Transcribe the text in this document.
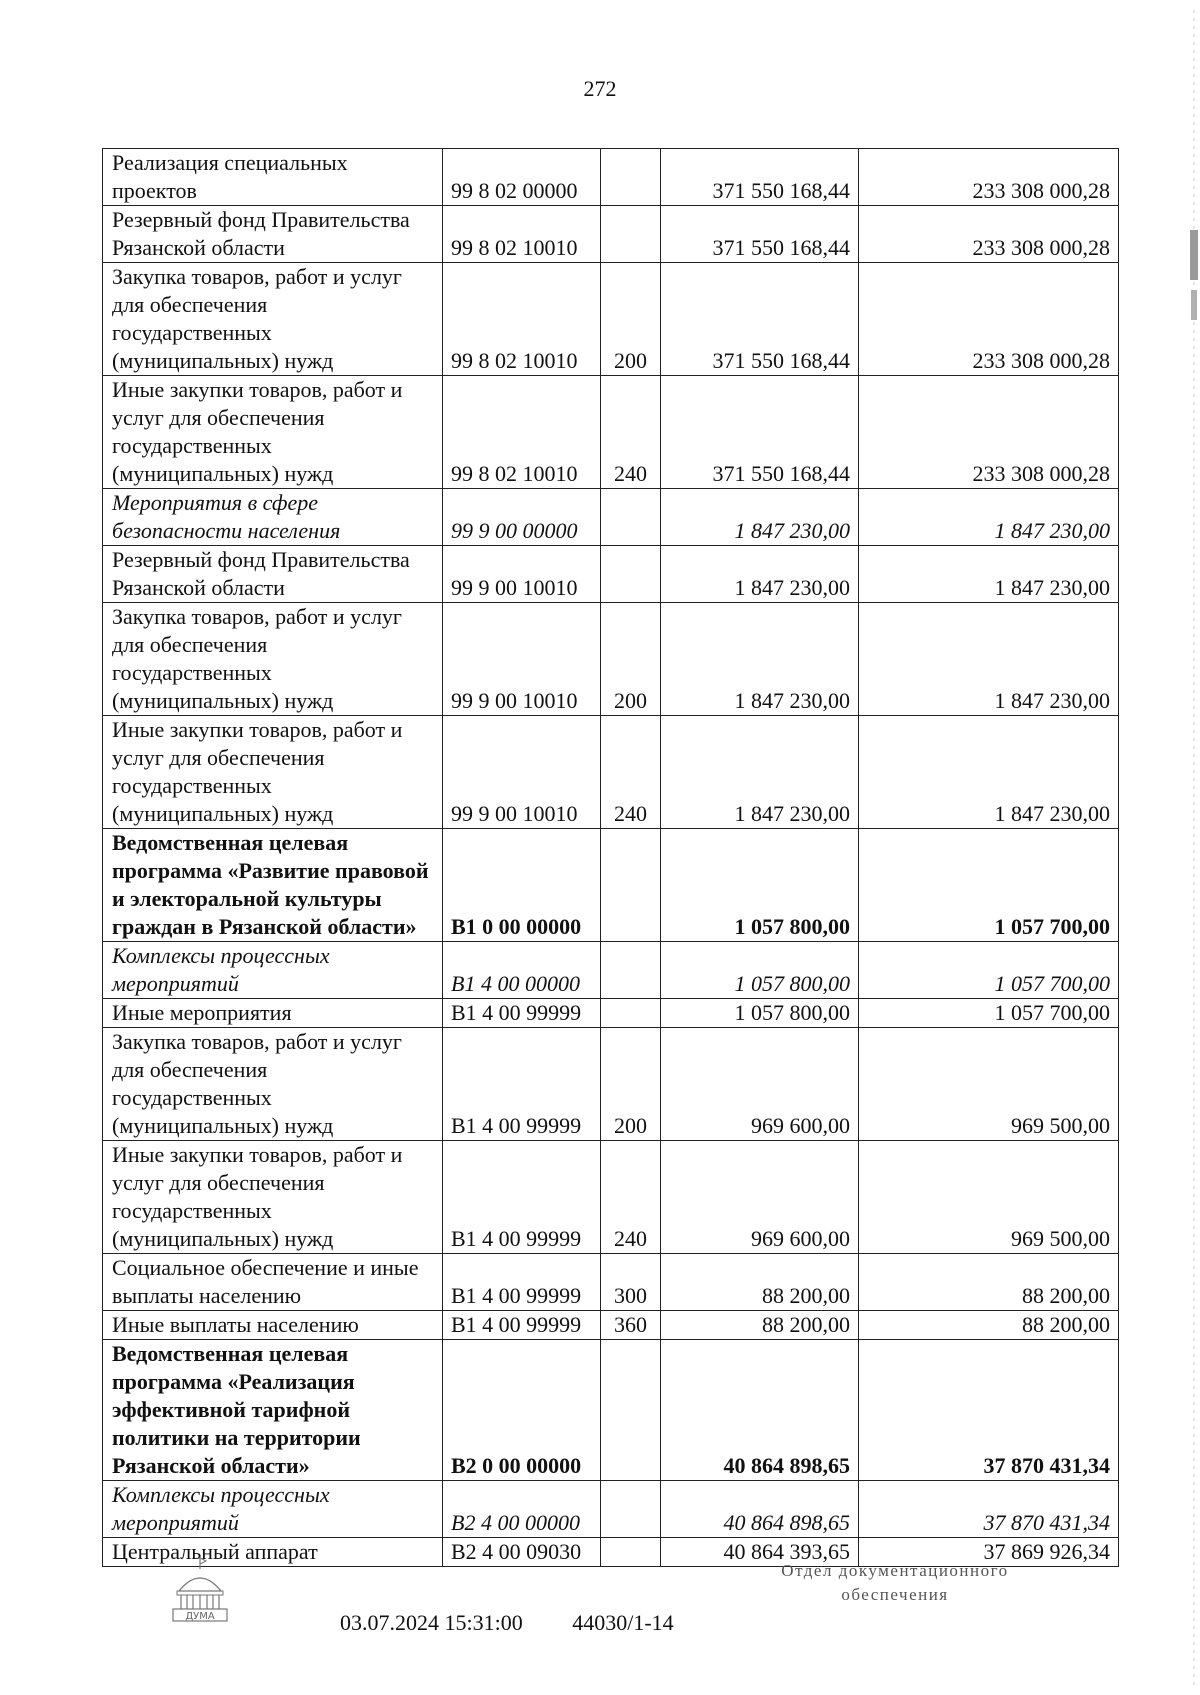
272
Реализация специальных
проектов	99 8 02 00000		371 550 168,44	233 308 000,28

Резервный фонд Правительства
Рязанской области	99 8 02 10010		371 550 168,44	233 308 000,28

Закупка товаров, работ и услуг
для обеспечения
государственных
(муниципальных) нужд	99 8 02 10010	200	371 550 168,44	233 308 000,28

Иные закупки товаров, работ и
услуг для обеспечения
государственных
(муниципальных) нужд	99 8 02 10010	240	371 550 168,44	233 308 000,28

Мероприятия в сфере
безопасности населения	99 9 00 00000		1 847 230,00	1 847 230,00

Резервный фонд Правительства
Рязанской области	99 9 00 10010		1 847 230,00	1 847 230,00

Закупка товаров, работ и услуг
для обеспечения
государственных
(муниципальных) нужд	99 9 00 10010	200	1 847 230,00	1 847 230,00

Иные закупки товаров, работ и
услуг для обеспечения
государственных
(муниципальных) нужд	99 9 00 10010	240	1 847 230,00	1 847 230,00

Ведомственная целевая
программа «Развитие правовой
и электоральной культуры
граждан в Рязанской области»	В1 0 00 00000		1 057 800,00	1 057 700,00

Комплексы процессных
мероприятий	В1 4 00 00000		1 057 800,00	1 057 700,00

Иные мероприятия	В1 4 00 99999		1 057 800,00	1 057 700,00

Закупка товаров, работ и услуг
для обеспечения
государственных
(муниципальных) нужд	В1 4 00 99999	200	969 600,00	969 500,00

Иные закупки товаров, работ и
услуг для обеспечения
государственных
(муниципальных) нужд	В1 4 00 99999	240	969 600,00	969 500,00

Социальное обеспечение и иные
выплаты населению	В1 4 00 99999	300	88 200,00	88 200,00

Иные выплаты населению	В1 4 00 99999	360	88 200,00	88 200,00

Ведомственная целевая
программа «Реализация
эффективной тарифной
политики на территории
Рязанской области»	В2 0 00 00000		40 864 898,65	37 870 431,34

Комплексы процессных
мероприятий	В2 4 00 00000		40 864 898,65	37 870 431,34

Центральный аппарат	В2 4 00 09030		40 864 393,65	37 869 926,34
ДУМА	03.07.2024 15:31:00 44030/1-14
Отдел документационного
обеспечения
